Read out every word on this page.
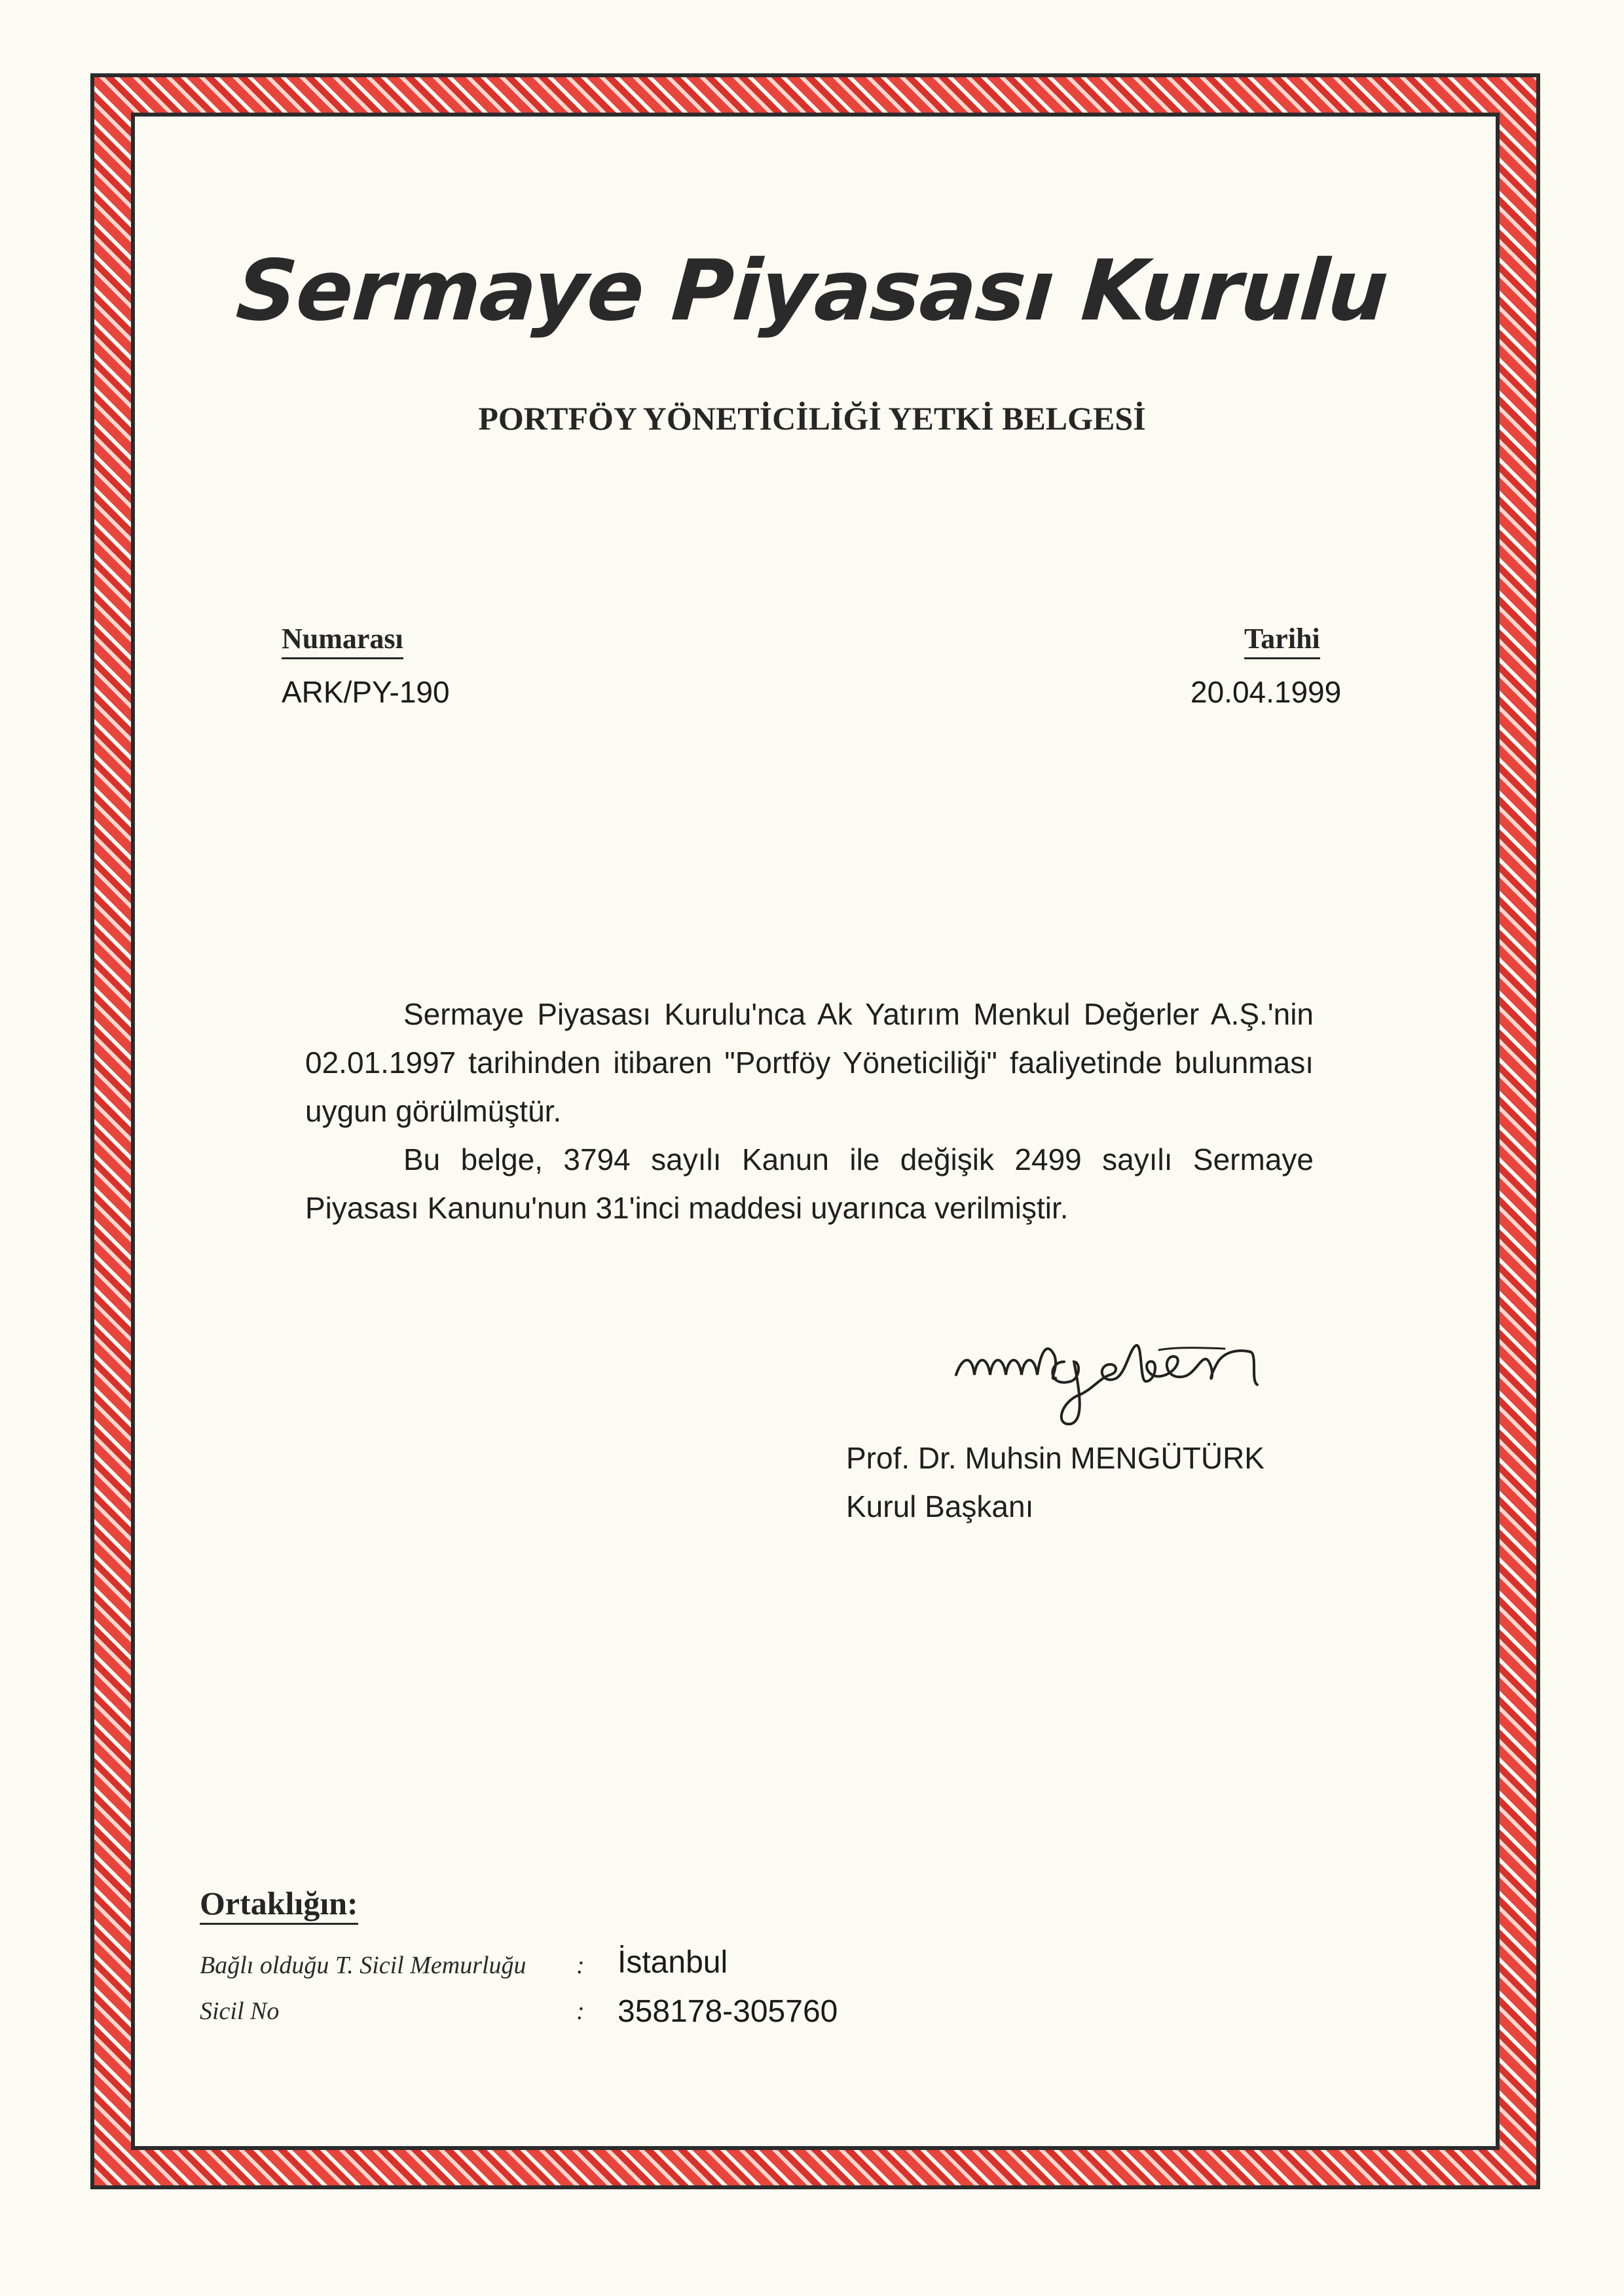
Sermaye Piyasası Kurulu
PORTFÖY YÖNETİCİLİĞİ YETKİ BELGESİ
Numarası
ARK/PY-190
Tarihi
20.04.1999

Sermaye Piyasası Kurulu'nca Ak Yatırım Menkul Değerler A.Ş.'nin 02.01.1997 tarihinden itibaren "Portföy Yöneticiliği" faaliyetinde bulunması uygun görülmüştür.

Bu belge, 3794 sayılı Kanun ile değişik 2499 sayılı Sermaye Piyasası Kanunu'nun 31'inci maddesi uyarınca verilmiştir.

Prof. Dr. Muhsin MENGÜTÜRK
Kurul Başkanı
Ortaklığın:
Bağlı olduğu T. Sicil Memurluğu : İstanbul
Sicil No	: 358178-305760
